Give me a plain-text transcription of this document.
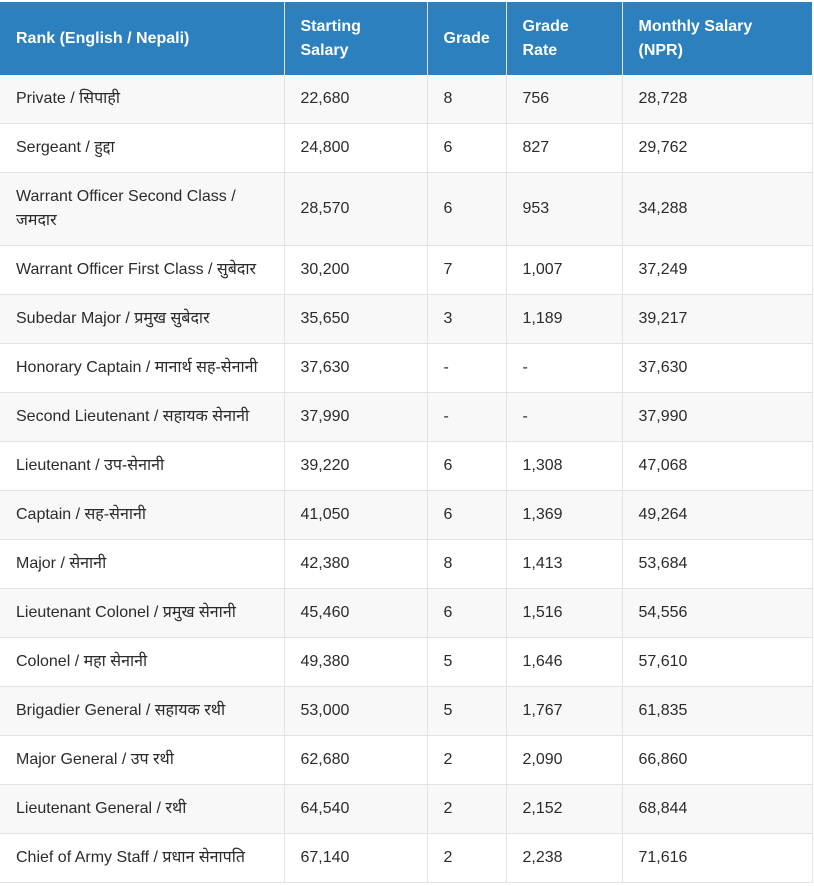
Rank (English / Nepali)	Starting Salary	Grade	Grade Rate	Monthly Salary (NPR)
Private / सिपाही	22,680	8	756	28,728
Sergeant / हुद्दा	24,800	6	827	29,762
Warrant Officer Second Class / जमदार	28,570	6	953	34,288
Warrant Officer First Class / सुबेदार	30,200	7	1,007	37,249
Subedar Major / प्रमुख सुबेदार	35,650	3	1,189	39,217
Honorary Captain / मानार्थ सह-सेनानी	37,630	-	-	37,630
Second Lieutenant / सहायक सेनानी	37,990	-	-	37,990
Lieutenant / उप-सेनानी	39,220	6	1,308	47,068
Captain / सह-सेनानी	41,050	6	1,369	49,264
Major / सेनानी	42,380	8	1,413	53,684
Lieutenant Colonel / प्रमुख सेनानी	45,460	6	1,516	54,556
Colonel / महा सेनानी	49,380	5	1,646	57,610
Brigadier General / सहायक रथी	53,000	5	1,767	61,835
Major General / उप रथी	62,680	2	2,090	66,860
Lieutenant General / रथी	64,540	2	2,152	68,844
Chief of Army Staff / प्रधान सेनापति	67,140	2	2,238	71,616
